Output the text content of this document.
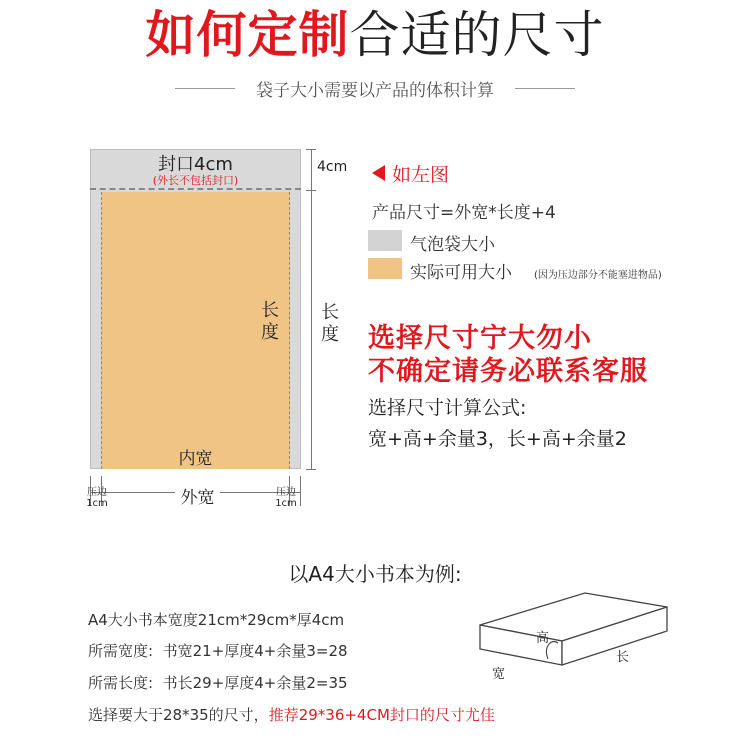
如何定制合适的尺寸
袋子大小需要以产品的体积计算
封口4cm
(外长不包括封口)
长度
内宽
4cm
长度
外宽
压边
1cm
压边
1cm
如左图
产品尺寸=外宽*长度+4
气泡袋大小
实际可用大小 (因为压边部分不能塞进物品)
选择尺寸宁大勿小
不确定请务必联系客服
选择尺寸计算公式:
宽+高+余量3，长+高+余量2
以A4大小书本为例:
A4大小书本宽度21cm*29cm*厚4cm
所需宽度: 书宽21+厚度4+余量3=28
所需长度: 书长29+厚度4+余量2=35
选择要大于28*35的尺寸，推荐29*36+4CM封口的尺寸尤佳
高
宽
长
